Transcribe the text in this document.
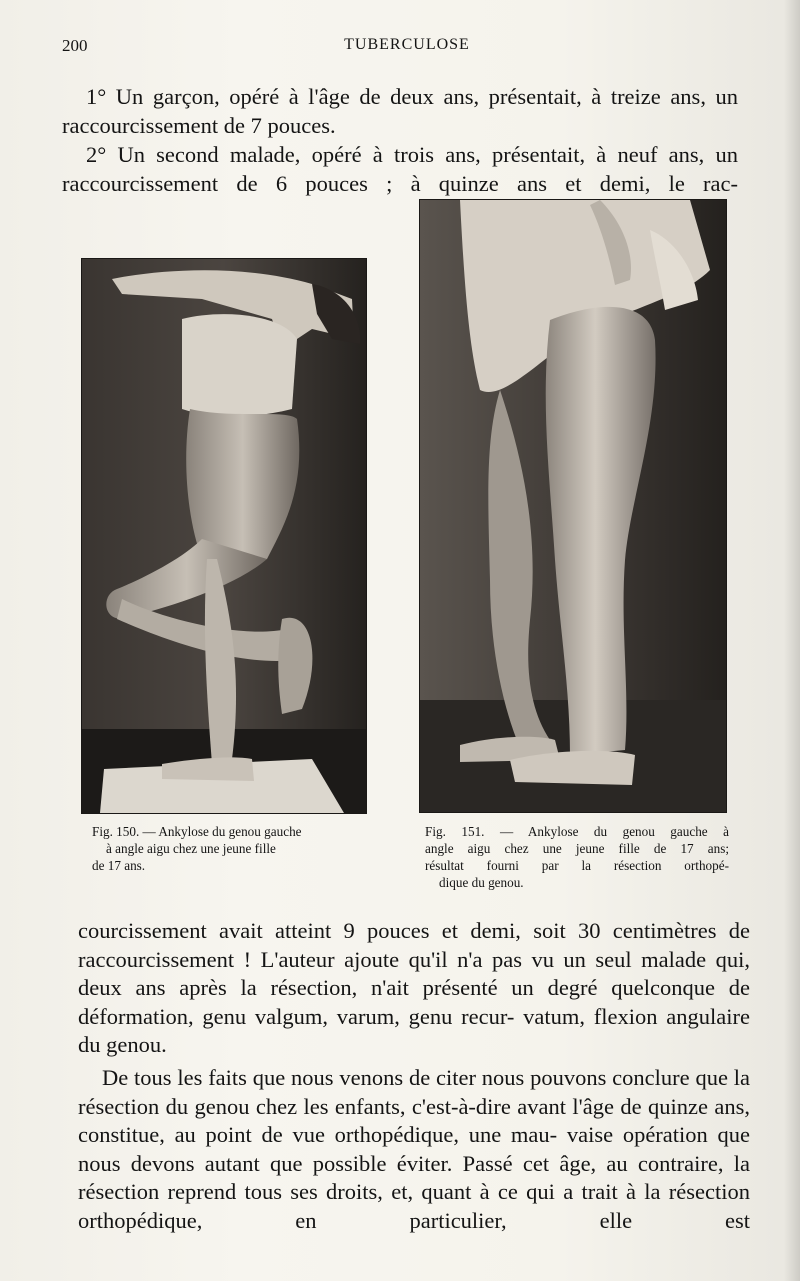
200	TUBERCULOSE

1° Un garçon, opéré à l'âge de deux ans, présentait, à treize ans, un raccourcissement de 7 pouces.

2° Un second malade, opéré à trois ans, présentait, à neuf ans, un raccourcissement de 6 pouces ; à quinze ans et demi, le rac-

Fig. 150. — Ankylose du genou gauche
à angle aigu chez une jeune fille
de 17 ans.

Fig. 151. — Ankylose du genou gauche à
angle aigu chez une jeune fille de 17 ans;
résultat fourni par la résection orthopé-
dique du genou.

courcissement avait atteint 9 pouces et demi, soit 30 centimètres de raccourcissement ! L'auteur ajoute qu'il n'a pas vu un seul malade qui, deux ans après la résection, n'ait présenté un degré quelconque de déformation, genu valgum, varum, genu recur- vatum, flexion angulaire du genou.

De tous les faits que nous venons de citer nous pouvons conclure que la résection du genou chez les enfants, c'est-à-dire avant l'âge de quinze ans, constitue, au point de vue orthopédique, une mau- vaise opération que nous devons autant que possible éviter. Passé cet âge, au contraire, la résection reprend tous ses droits, et, quant à ce qui a trait à la résection orthopédique, en particulier, elle est
